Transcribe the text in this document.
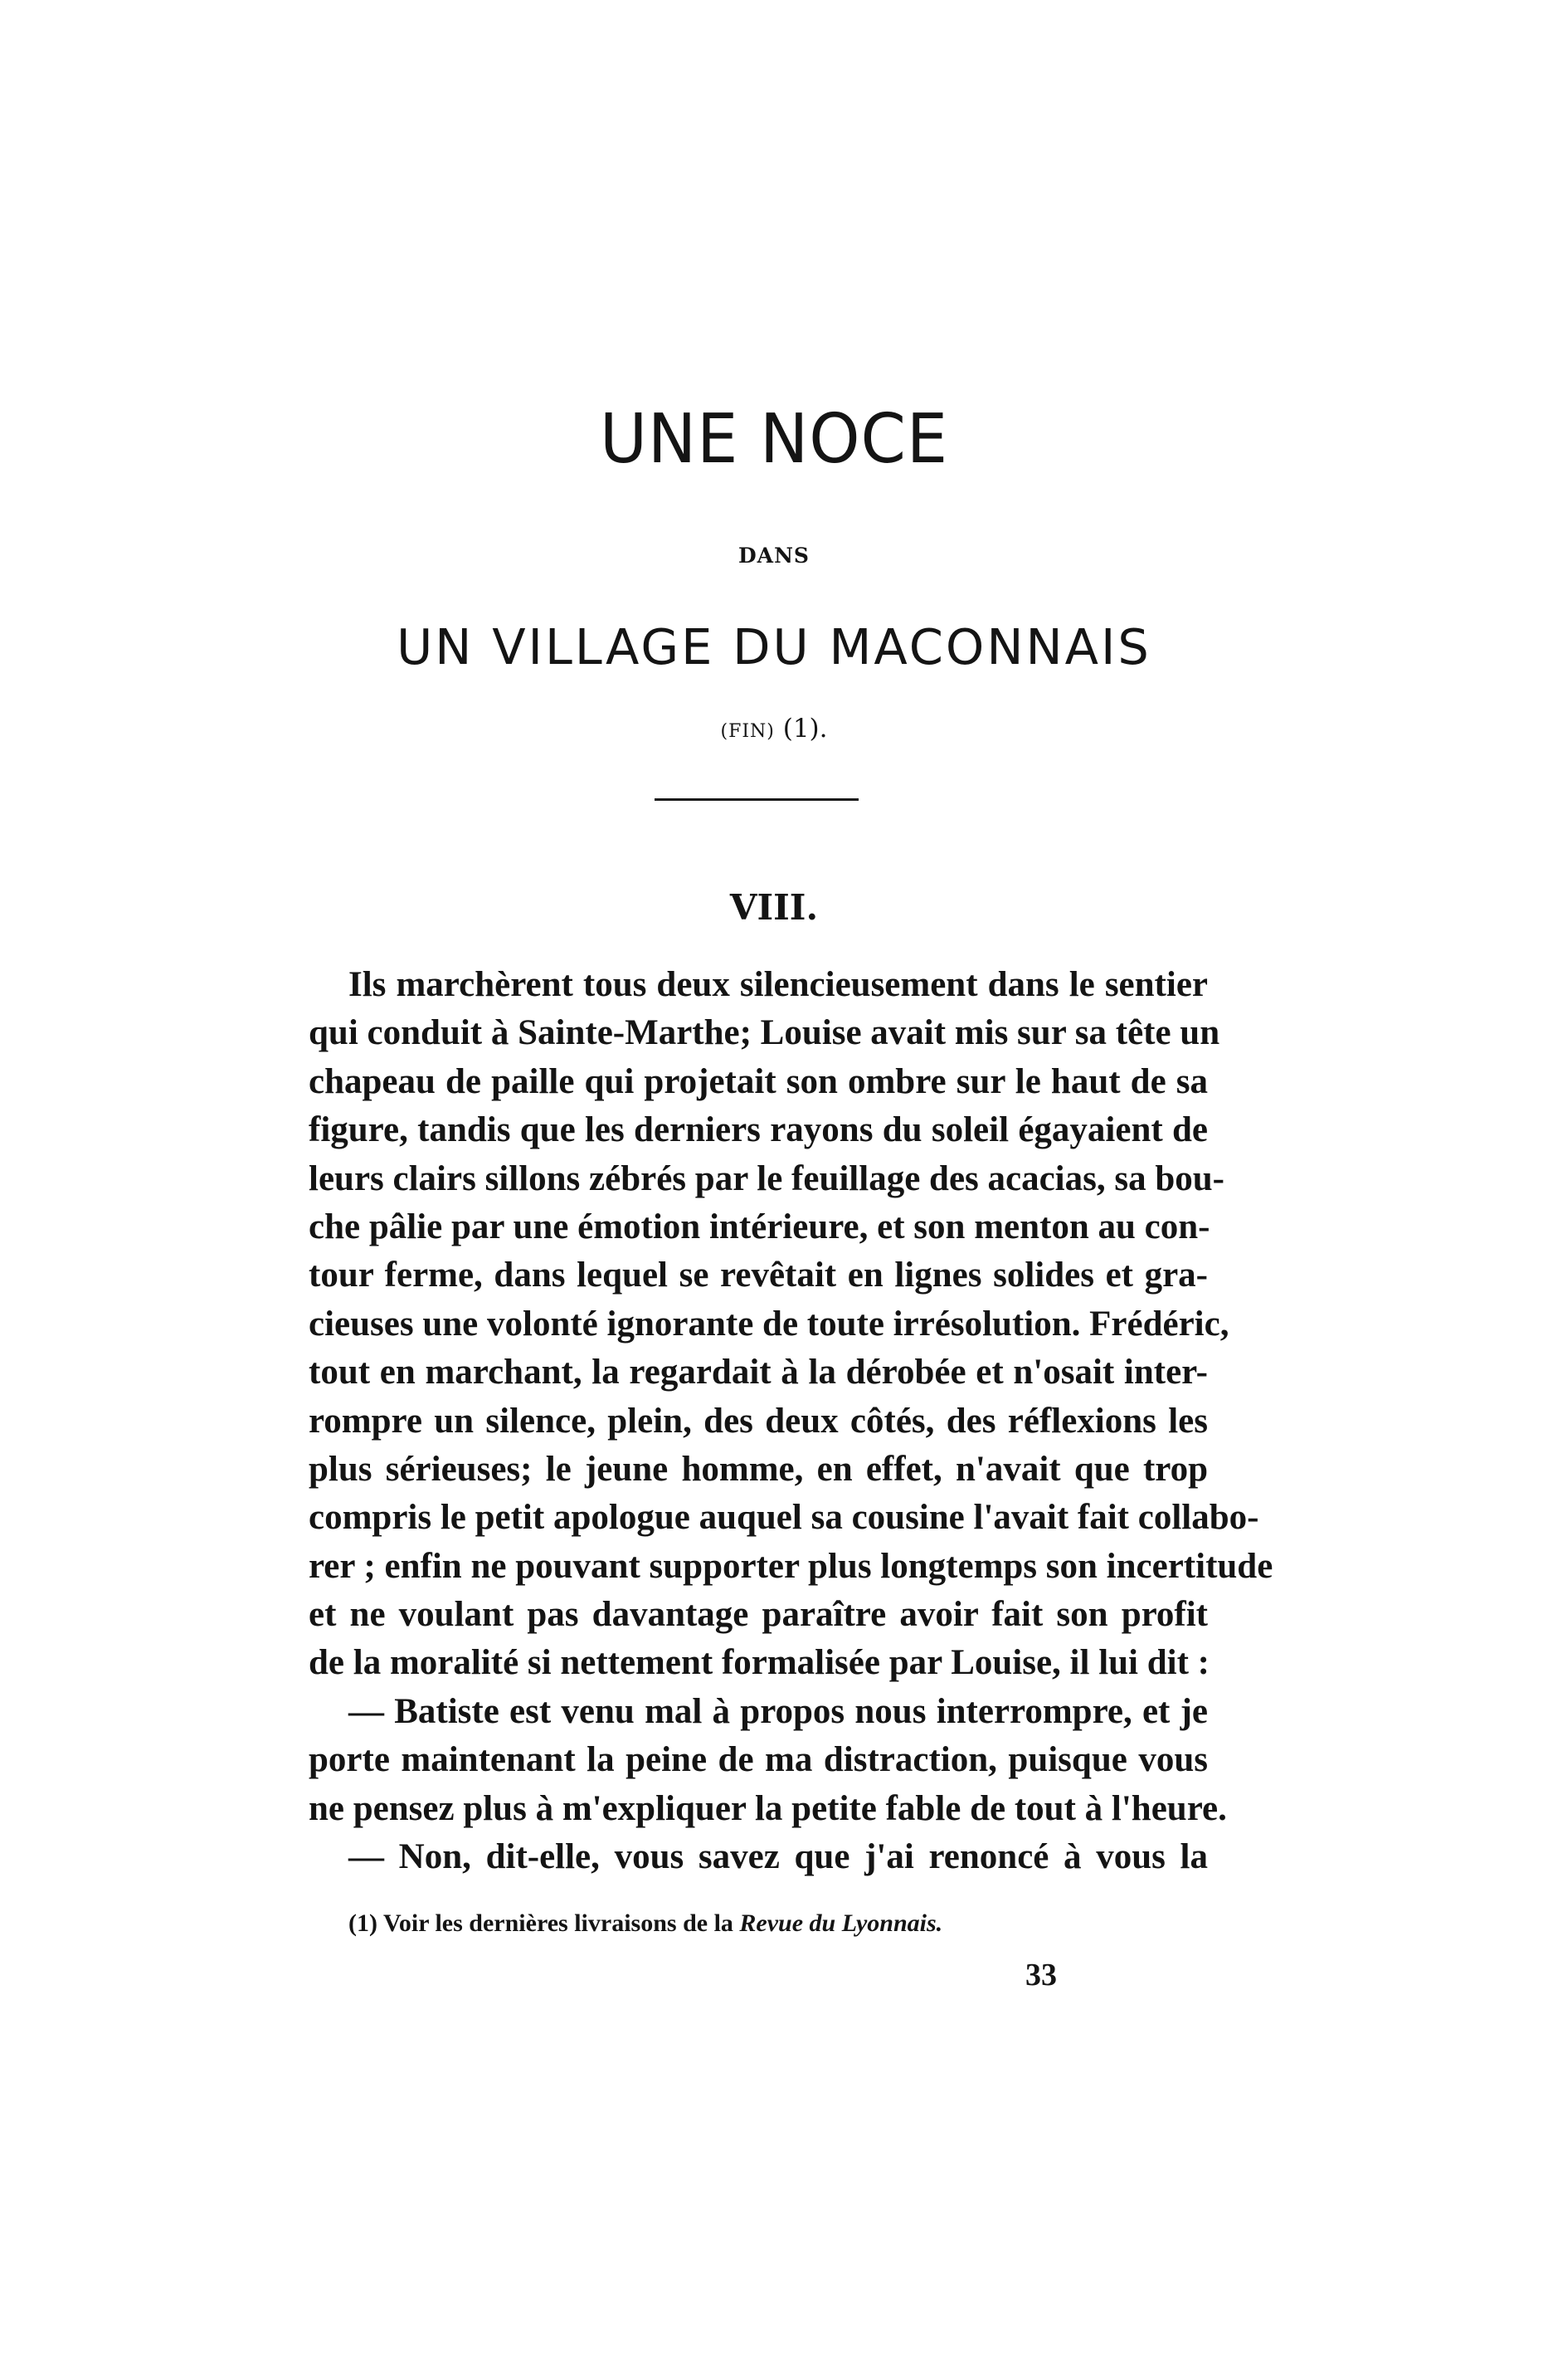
UNE NOCE
DANS
UN VILLAGE DU MACONNAIS
(FIN) (1).
VIII.
Ils marchèrent tous deux silencieusement dans le sentier
qui conduit à Sainte-Marthe; Louise avait mis sur sa tête un
chapeau de paille qui projetait son ombre sur le haut de sa
figure, tandis que les derniers rayons du soleil égayaient de
leurs clairs sillons zébrés par le feuillage des acacias, sa bou-
che pâlie par une émotion intérieure, et son menton au con-
tour ferme, dans lequel se revêtait en lignes solides et gra-
cieuses une volonté ignorante de toute irrésolution. Frédéric,
tout en marchant, la regardait à la dérobée et n'osait inter-
rompre un silence, plein, des deux côtés, des réflexions les
plus sérieuses; le jeune homme, en effet, n'avait que trop
compris le petit apologue auquel sa cousine l'avait fait collabo-
rer ; enfin ne pouvant supporter plus longtemps son incertitude
et ne voulant pas davantage paraître avoir fait son profit
de la moralité si nettement formalisée par Louise, il lui dit :
— Batiste est venu mal à propos nous interrompre, et je
porte maintenant la peine de ma distraction, puisque vous
ne pensez plus à m'expliquer la petite fable de tout à l'heure.
— Non, dit-elle, vous savez que j'ai renoncé à vous la
(1) Voir les dernières livraisons de la Revue du Lyonnais.
33
